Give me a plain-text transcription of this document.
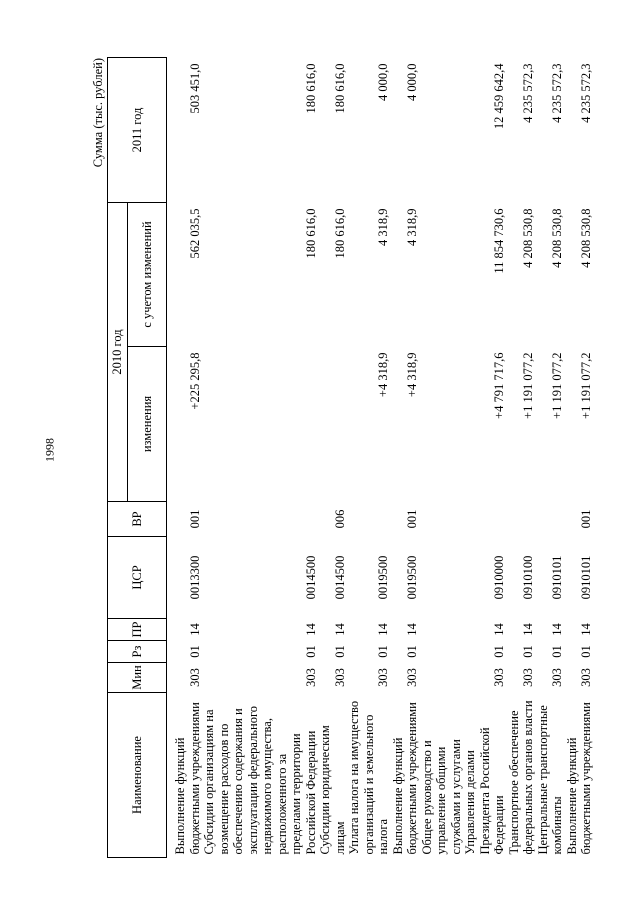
1998
Сумма (тыс. рублей)
Наименование	Мин	Рз	ПР	ЦСР	ВР	2010 год		2011 год
						изменения	с учетом изменений	

Выполнение функций бюджетными учреждениями	303	01	14	0013300	001	+225 295,8	562 035,5	503 451,0
Субсидии организациям на возмещение расходов по обеспечению содержания и эксплуатации федерального недвижимого имущества, расположенного за пределами территории Российской Федерации	303	01	14	0014500			180 616,0	180 616,0
Субсидии юридическим лицам	303	01	14	0014500	006		180 616,0	180 616,0
Уплата налога на имущество организаций и земельного налога	303	01	14	0019500		+4 318,9	4 318,9	4 000,0
Выполнение функций бюджетными учреждениями	303	01	14	0019500	001	+4 318,9	4 318,9	4 000,0
Общее руководство и управление общими службами и услугами Управления делами Президента Российской Федерации	303	01	14	0910000		+4 791 717,6	11 854 730,6	12 459 642,4
Транспортное обеспечение федеральных органов власти	303	01	14	0910100		+1 191 077,2	4 208 530,8	4 235 572,3
Центральные транспортные комбинаты	303	01	14	0910101		+1 191 077,2	4 208 530,8	4 235 572,3
Выполнение функций бюджетными учреждениями	303	01	14	0910101	001	+1 191 077,2	4 208 530,8	4 235 572,3
